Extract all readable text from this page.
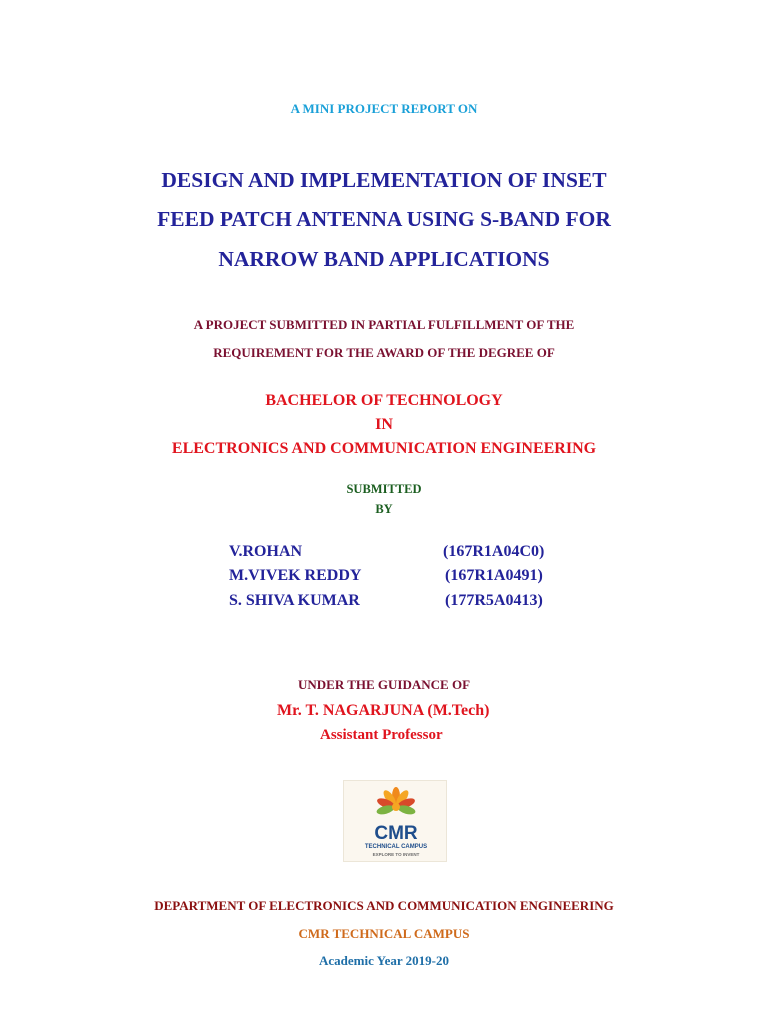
A MINI PROJECT REPORT ON
DESIGN AND IMPLEMENTATION OF INSET
FEED PATCH ANTENNA USING S-BAND FOR
NARROW BAND APPLICATIONS
A PROJECT SUBMITTED IN PARTIAL FULFILLMENT OF THE
REQUIREMENT FOR THE AWARD OF THE DEGREE OF
BACHELOR OF TECHNOLOGY
IN
ELECTRONICS AND COMMUNICATION ENGINEERING
SUBMITTED
BY
V.ROHAN	(167R1A04C0)
M.VIVEK REDDY	(167R1A0491)
S. SHIVA KUMAR	(177R5A0413)
UNDER THE GUIDANCE OF
Mr. T. NAGARJUNA (M.Tech)
Assistant Professor
CMR
TECHNICAL CAMPUS
EXPLORE TO INVENT
DEPARTMENT OF ELECTRONICS AND COMMUNICATION ENGINEERING
CMR TECHNICAL CAMPUS
Academic Year 2019-20
